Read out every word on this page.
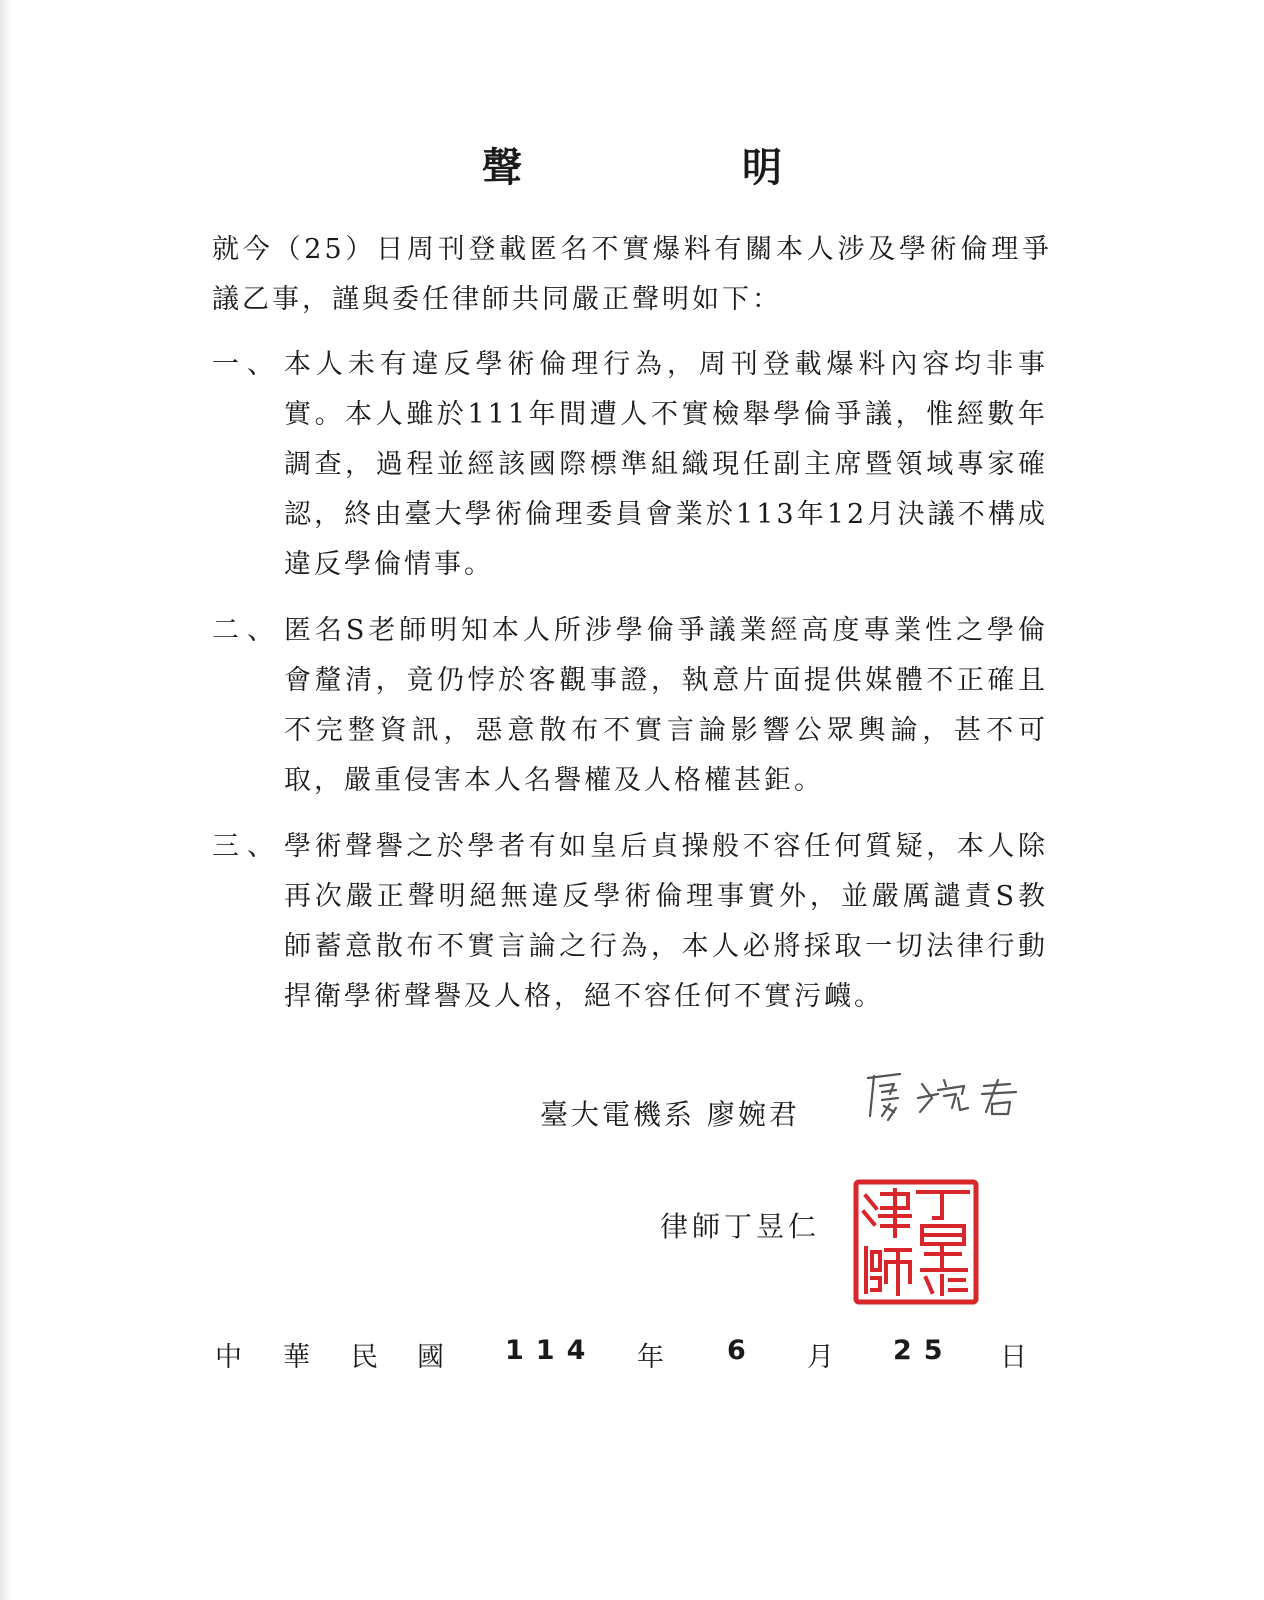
聲　明
就今（25）日周刊登載匿名不實爆料有關本人涉及學術倫理爭議乙事，謹與委任律師共同嚴正聲明如下：
一、 本人未有違反學術倫理行為，周刊登載爆料內容均非事實。本人雖於111年間遭人不實檢舉學倫爭議，惟經數年調查，過程並經該國際標準組織現任副主席暨領域專家確認，終由臺大學術倫理委員會業於113年12月決議不構成違反學倫情事。
二、 匿名S老師明知本人所涉學倫爭議業經高度專業性之學倫會釐清，竟仍悖於客觀事證，執意片面提供媒體不正確且不完整資訊，惡意散布不實言論影響公眾輿論，甚不可取，嚴重侵害本人名譽權及人格權甚鉅。
三、 學術聲譽之於學者有如皇后貞操般不容任何質疑，本人除再次嚴正聲明絕無違反學術倫理事實外，並嚴厲譴責S教師蓄意散布不實言論之行為，本人必將採取一切法律行動捍衛學術聲譽及人格，絕不容任何不實污衊。
臺大電機系 廖婉君
律師丁昱仁
中 華 民 國 114 年 6 月 25 日
